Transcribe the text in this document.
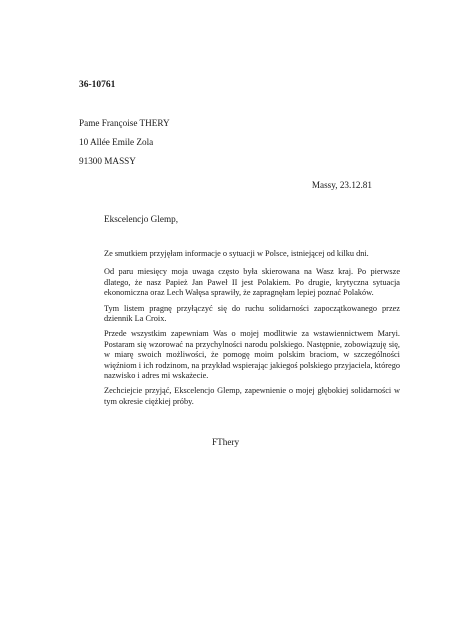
36-10761
Pame Françoise THERY
10 Allée Emile Zola
91300 MASSY
Massy, 23.12.81
Ekscelencjo Glemp,

Ze smutkiem przyjęłam informacje o sytuacji w Polsce, istniejącej od kilku dni.

Od paru miesięcy moja uwaga często była skierowana na Wasz kraj. Po pierwsze dlatego, że nasz Papież Jan Paweł II jest Polakiem. Po drugie, krytyczna sytuacja ekonomiczna oraz Lech Wałęsa sprawiły, że zapragnęłam lepiej poznać Polaków.

Tym listem pragnę przyłączyć się do ruchu solidarności zapoczątkowanego przez dziennik La Croix.

Przede wszystkim zapewniam Was o mojej modlitwie za wstawiennictwem Maryi. Postaram się wzorować na przychylności narodu polskiego. Następnie, zobowiązuję się, w miarę swoich możliwości, że pomogę moim polskim braciom, w szczególności więźniom i ich rodzinom, na przykład wspierając jakiegoś polskiego przyjaciela, którego nazwisko i adres mi wskażecie.

Zechciejcie przyjąć, Ekscelencjo Glemp, zapewnienie o mojej głębokiej solidarności w tym okresie ciężkiej próby.

FThery
